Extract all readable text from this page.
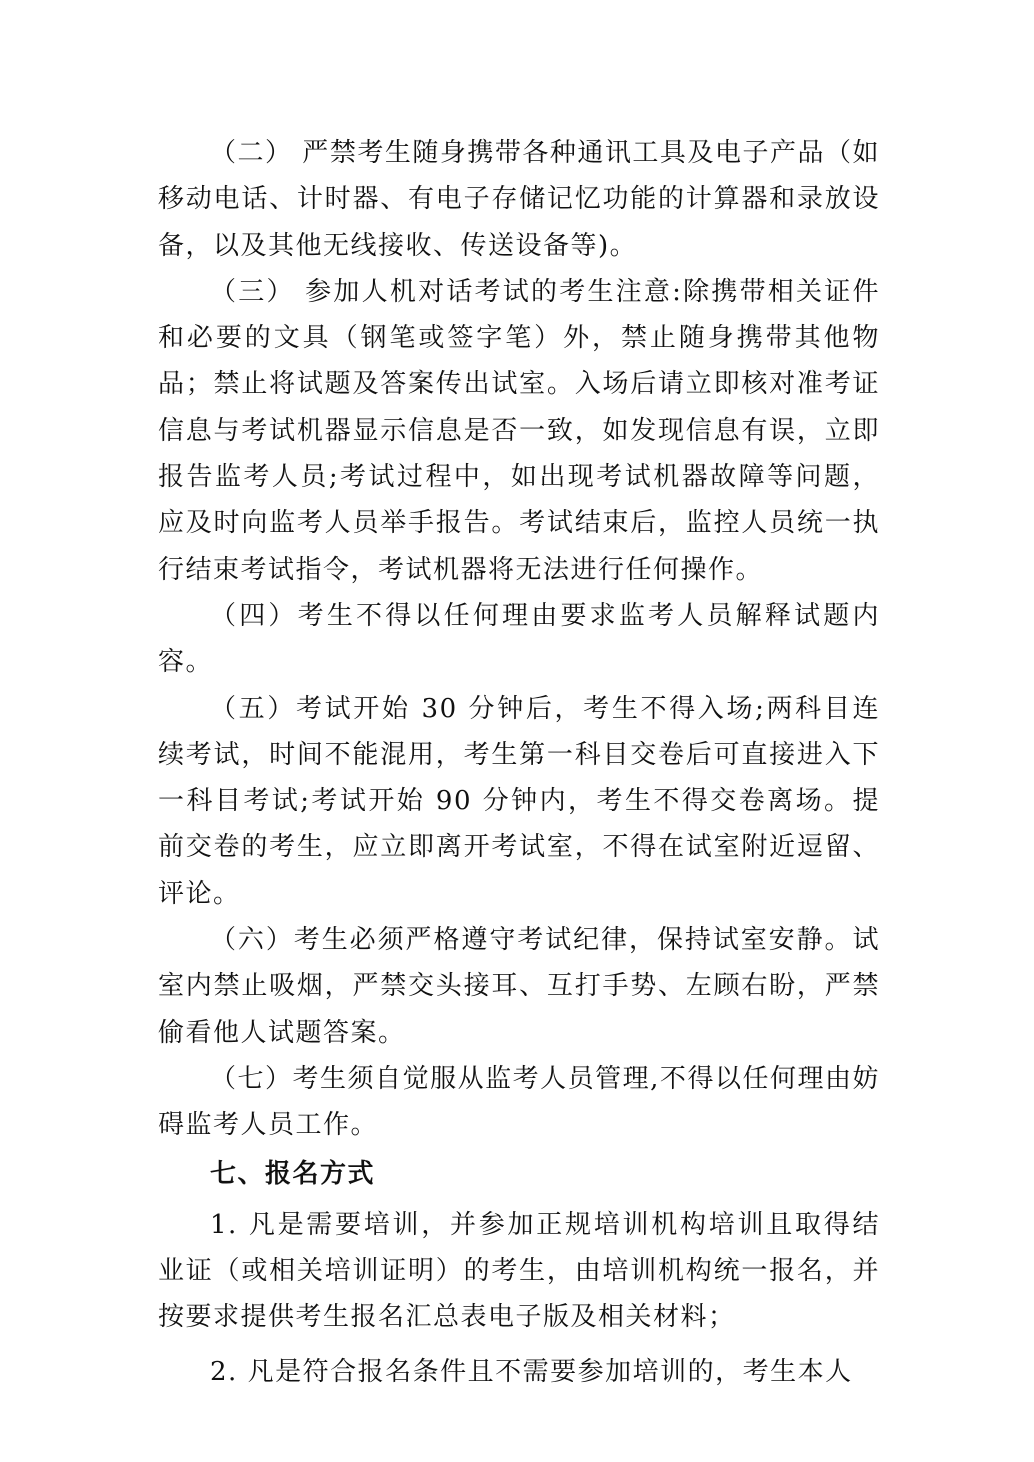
（二） 严禁考生随身携带各种通讯工具及电子产品（如移动电话、计时器、有电子存储记忆功能的计算器和录放设备，以及其他无线接收、传送设备等)。

（三） 参加人机对话考试的考生注意:除携带相关证件和必要的文具（钢笔或签字笔）外，禁止随身携带其他物品；禁止将试题及答案传出试室。入场后请立即核对准考证信息与考试机器显示信息是否一致，如发现信息有误，立即报告监考人员;考试过程中，如出现考试机器故障等问题，应及时向监考人员举手报告。考试结束后，监控人员统一执行结束考试指令，考试机器将无法进行任何操作。

（四）考生不得以任何理由要求监考人员解释试题内容。

（五）考试开始 30 分钟后，考生不得入场;两科目连续考试，时间不能混用，考生第一科目交卷后可直接进入下一科目考试;考试开始 90 分钟内，考生不得交卷离场。提前交卷的考生，应立即离开考试室，不得在试室附近逗留、评论。

（六）考生必须严格遵守考试纪律，保持试室安静。试室内禁止吸烟，严禁交头接耳、互打手势、左顾右盼，严禁偷看他人试题答案。

（七）考生须自觉服从监考人员管理,不得以任何理由妨碍监考人员工作。

七、报名方式

1. 凡是需要培训，并参加正规培训机构培训且取得结业证（或相关培训证明）的考生，由培训机构统一报名，并按要求提供考生报名汇总表电子版及相关材料；

2. 凡是符合报名条件且不需要参加培训的，考生本人
